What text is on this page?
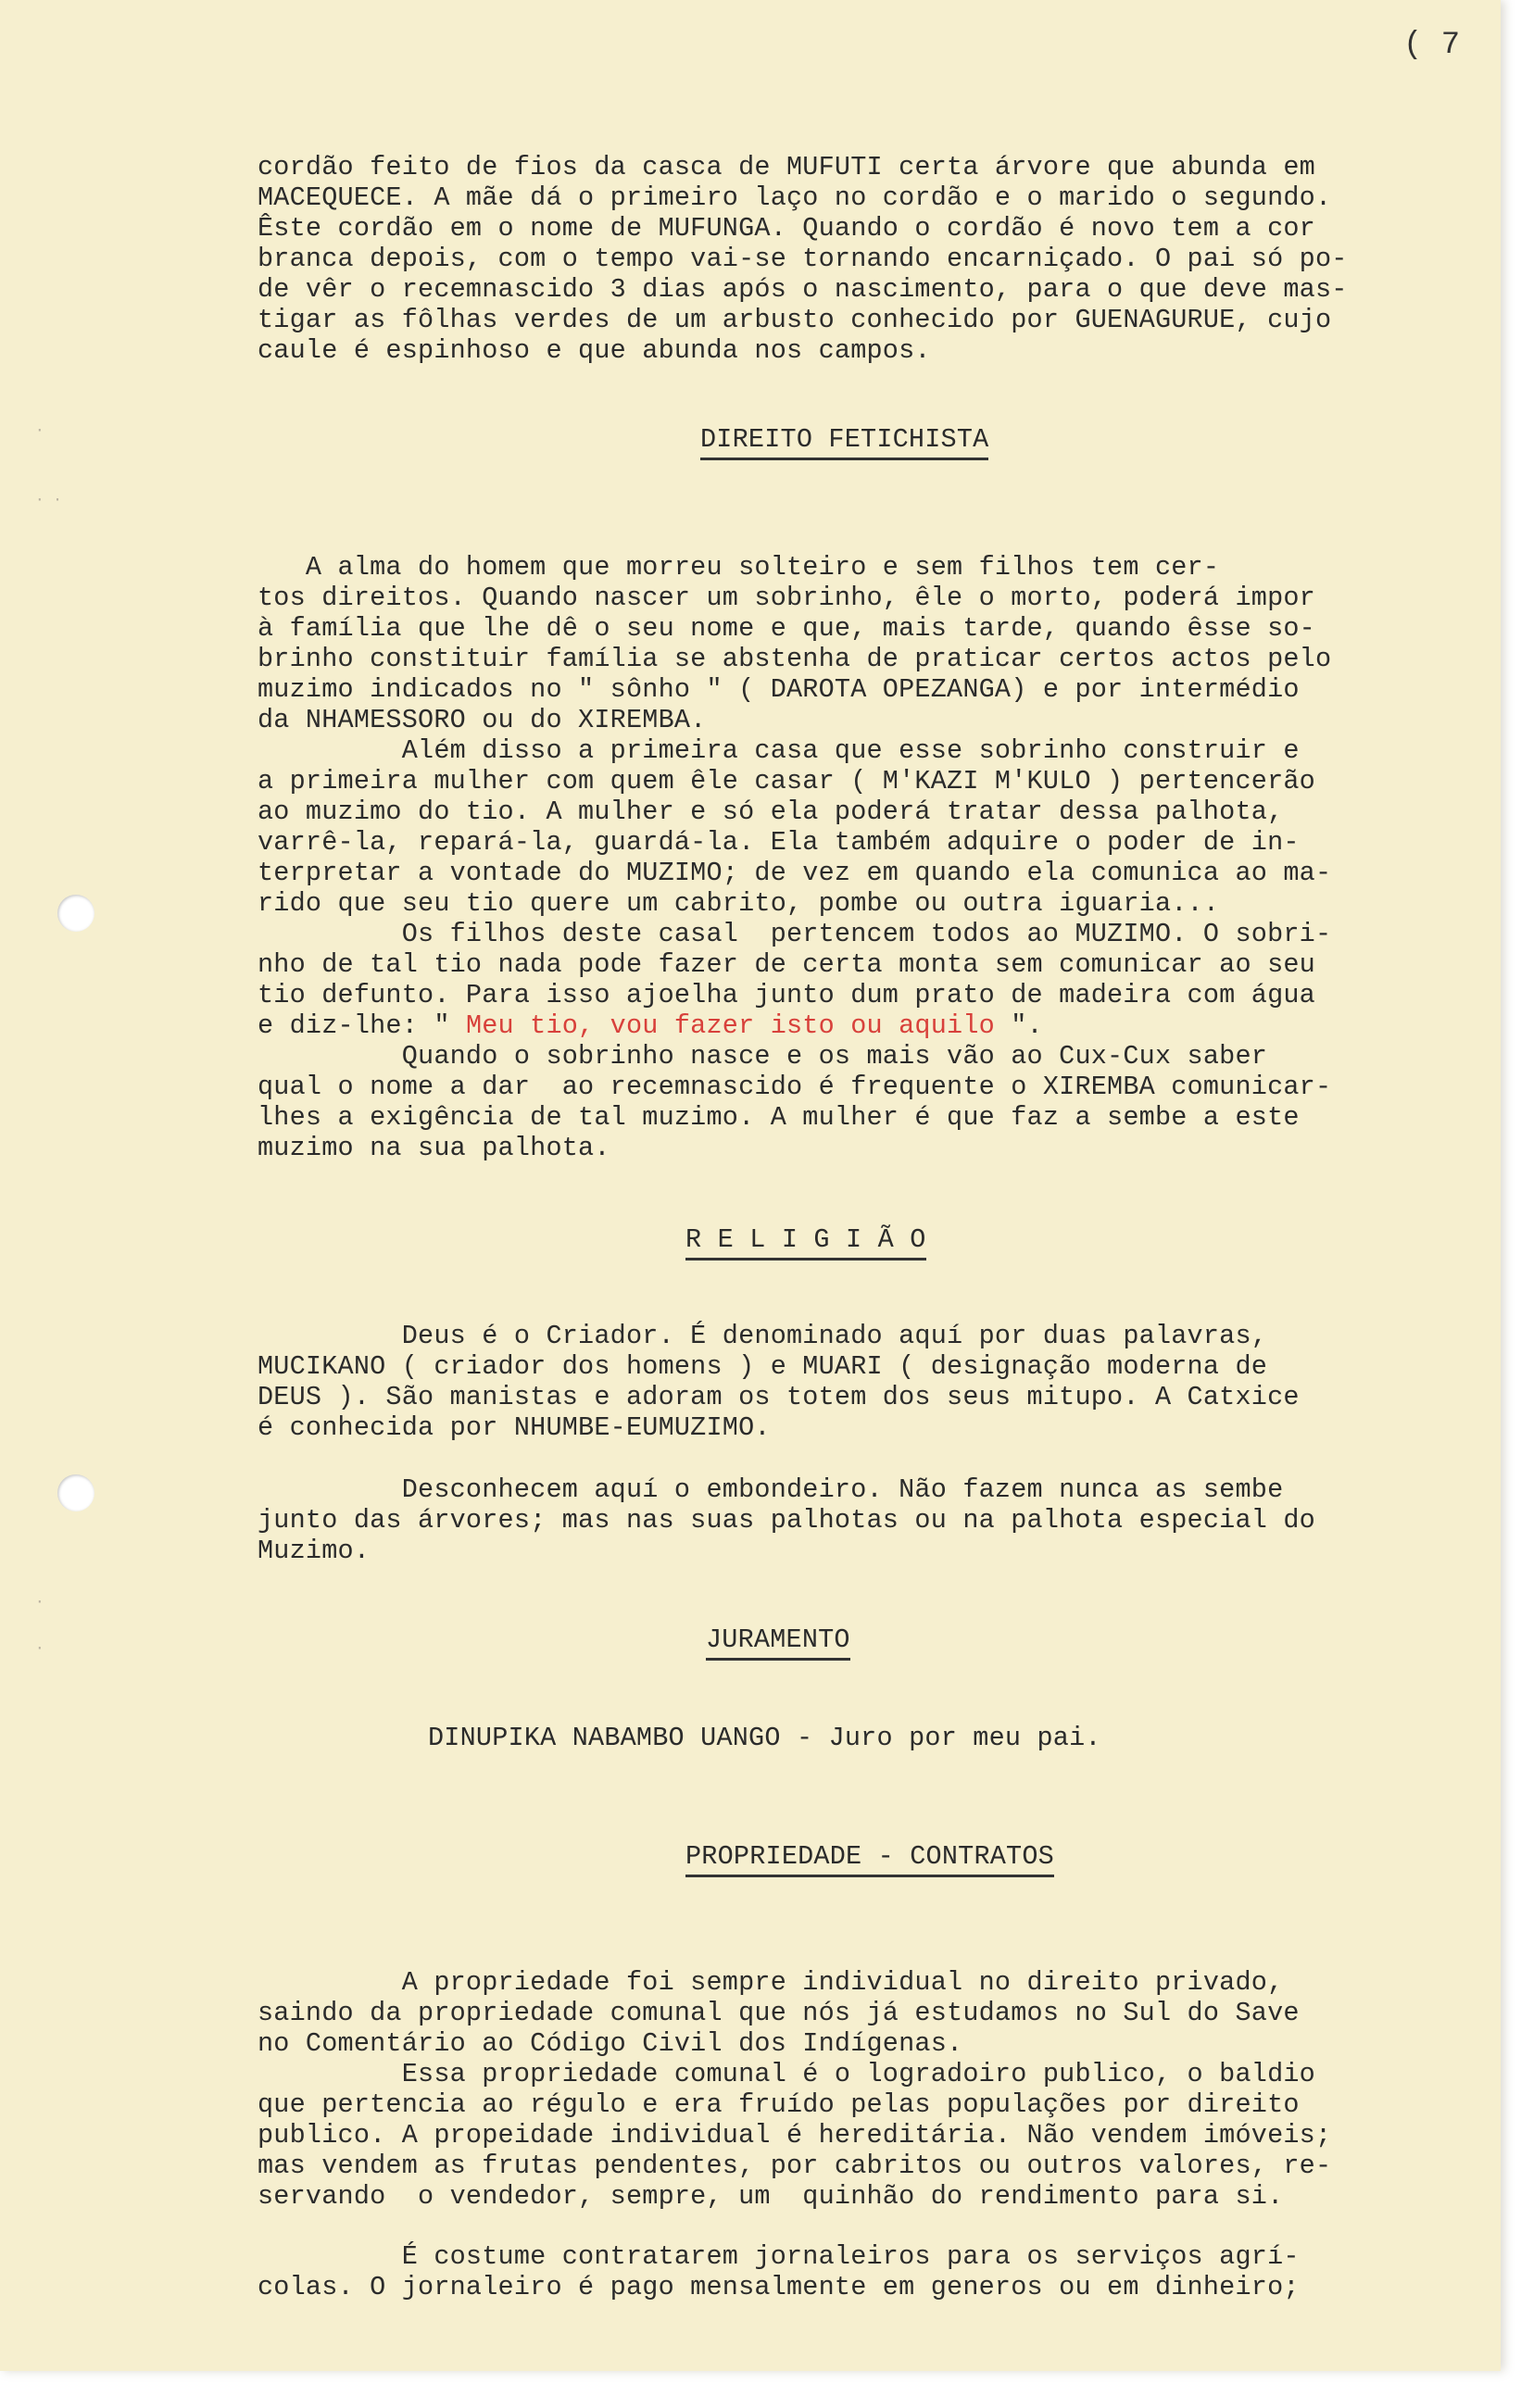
·
· ·
·
·
( 7
cordão feito de fios da casca de MUFUTI certa árvore que abunda em
MACEQUECE. A mãe dá o primeiro laço no cordão e o marido o segundo.
Êste cordão em o nome de MUFUNGA. Quando o cordão é novo tem a cor
branca depois, com o tempo vai-se tornando encarniçado. O pai só po-
de vêr o recemnascido 3 dias após o nascimento, para o que deve mas-
tigar as fôlhas verdes de um arbusto conhecido por GUENAGURUE, cujo
caule é espinhoso e que abunda nos campos.
DIREITO FETICHISTA
A alma do homem que morreu solteiro e sem filhos tem cer-
tos direitos. Quando nascer um sobrinho, êle o morto, poderá impor
à família que lhe dê o seu nome e que, mais tarde, quando êsse so-
brinho constituir família se abstenha de praticar certos actos pelo
muzimo indicados no " sônho " ( DAROTA OPEZANGA) e por intermédio
da NHAMESSORO ou do XIREMBA.
Além disso a primeira casa que esse sobrinho construir e
a primeira mulher com quem êle casar ( M'KAZI M'KULO ) pertencerão
ao muzimo do tio. A mulher e só ela poderá tratar dessa palhota,
varrê-la, repará-la, guardá-la. Ela também adquire o poder de in-
terpretar a vontade do MUZIMO; de vez em quando ela comunica ao ma-
rido que seu tio quere um cabrito, pombe ou outra iguaria...
Os filhos deste casal  pertencem todos ao MUZIMO. O sobri-
nho de tal tio nada pode fazer de certa monta sem comunicar ao seu
tio defunto. Para isso ajoelha junto dum prato de madeira com água
e diz-lhe: " Meu tio, vou fazer isto ou aquilo ".
Quando o sobrinho nasce e os mais vão ao Cux-Cux saber
qual o nome a dar  ao recemnascido é frequente o XIREMBA comunicar-
lhes a exigência de tal muzimo. A mulher é que faz a sembe a este
muzimo na sua palhota.
R E L I G I Ã O
Deus é o Criador. É denominado aquí por duas palavras,
MUCIKANO ( criador dos homens ) e MUARI ( designação moderna de
DEUS ). São manistas e adoram os totem dos seus mitupo. A Catxice
é conhecida por NHUMBE-EUMUZIMO.
Desconhecem aquí o embondeiro. Não fazem nunca as sembe
junto das árvores; mas nas suas palhotas ou na palhota especial do
Muzimo.
JURAMENTO
DINUPIKA NABAMBO UANGO - Juro por meu pai.
PROPRIEDADE - CONTRATOS
A propriedade foi sempre individual no direito privado,
saindo da propriedade comunal que nós já estudamos no Sul do Save
no Comentário ao Código Civil dos Indígenas.
Essa propriedade comunal é o logradoiro publico, o baldio
que pertencia ao régulo e era fruído pelas populações por direito
publico. A propeidade individual é hereditária. Não vendem imóveis;
mas vendem as frutas pendentes, por cabritos ou outros valores, re-
servando  o vendedor, sempre, um  quinhão do rendimento para si.
É costume contratarem jornaleiros para os serviços agrí-
colas. O jornaleiro é pago mensalmente em generos ou em dinheiro;
